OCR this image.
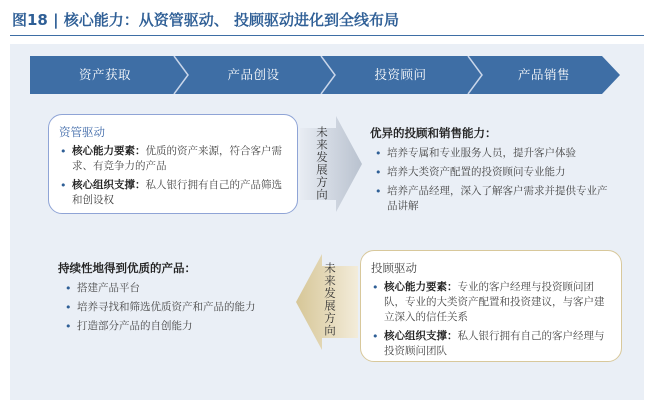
图18 | 核心能力：从资管驱动、 投顾驱动进化到全线布局
资产获取	产品创设	投资顾问	产品销售
资管驱动
• 核心能力要素：优质的资产来源，符合客户需求、有竞争力的产品
• 核心组织支撑：私人银行拥有自己的产品筛选和创设权	未来发展方向	优异的投顾和销售能力：
• 培养专属和专业服务人员，提升客户体验
• 培养大类资产配置的投资顾问专业能力
• 培养产品经理，深入了解客户需求并提供专业产品讲解
持续性地得到优质的产品：
• 搭建产品平台
• 培养寻找和筛选优质资产和产品的能力
• 打造部分产品的自创能力	未来发展方向	投顾驱动
• 核心能力要素：专业的客户经理与投资顾问团队，专业的大类资产配置和投资建议，与客户建立深入的信任关系
• 核心组织支撑：私人银行拥有自己的客户经理与投资顾问团队
